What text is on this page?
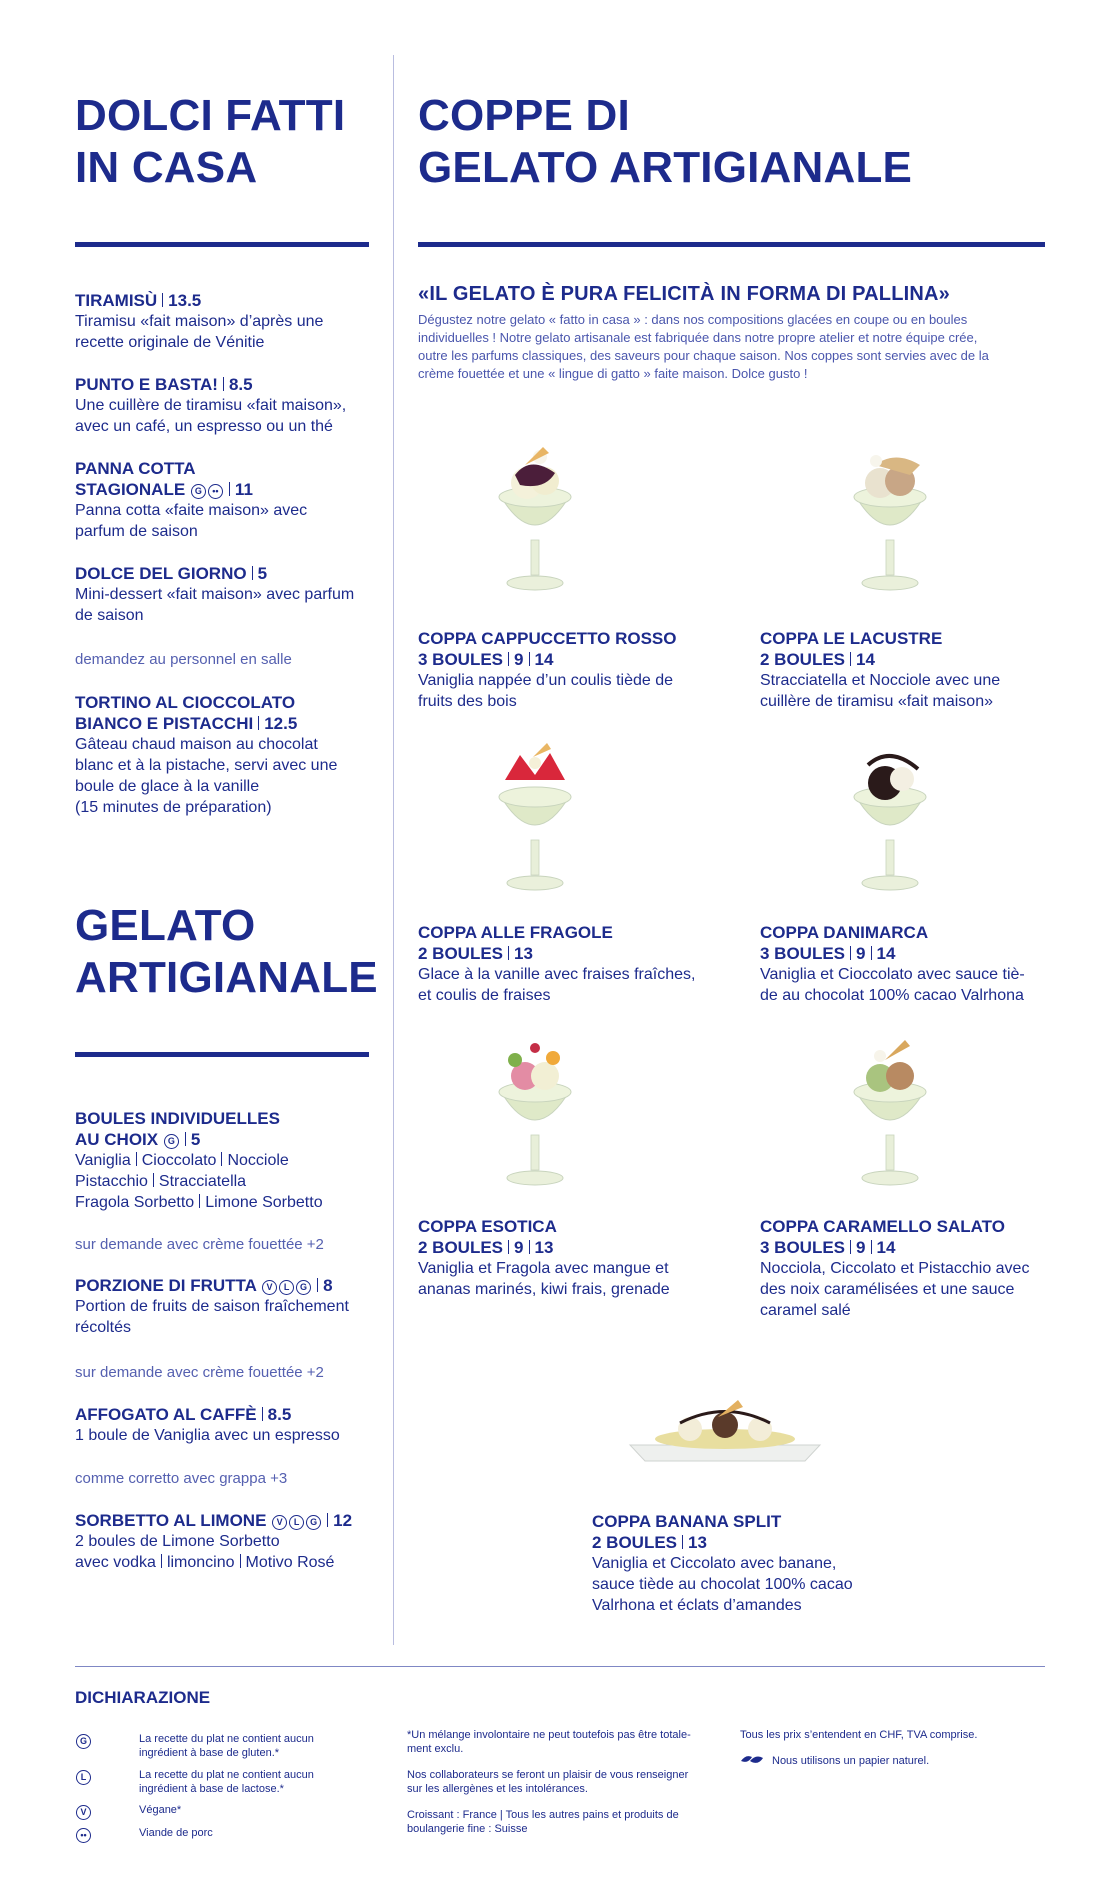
DOLCI FATTI
IN CASA
TIRAMISÙ 13.5
Tiramisu «fait maison» d’après une
recette originale de Vénitie
PUNTO E BASTA! 8.5
Une cuillère de tiramisu «fait maison»,
avec un café, un espresso ou un thé
PANNA COTTA
STAGIONALE G •• 11
Panna cotta «faite maison» avec
parfum de saison
DOLCE DEL GIORNO 5
Mini-dessert «fait maison» avec parfum
de saison
demandez au personnel en salle
TORTINO AL CIOCCOLATO
BIANCO E PISTACCHI 12.5
Gâteau chaud maison au chocolat
blanc et à la pistache, servi avec une
boule de glace à la vanille
(15 minutes de préparation)
GELATO
ARTIGIANALE
BOULES INDIVIDUELLES
AU CHOIX G 5
Vaniglia Cioccolato Nocciole
Pistacchio Stracciatella
Fragola Sorbetto Limone Sorbetto
sur demande avec crème fouettée +2
PORZIONE DI FRUTTA V L G 8
Portion de fruits de saison fraîchement
récoltés
sur demande avec crème fouettée +2
AFFOGATO AL CAFFÈ 8.5
1 boule de Vaniglia avec un espresso
comme corretto avec grappa +3
SORBETTO AL LIMONE V L G 12
2 boules de Limone Sorbetto
avec vodka limoncino Motivo Rosé
COPPE DI
GELATO ARTIGIANALE
«IL GELATO È PURA FELICITÀ IN FORMA DI PALLINA»
Dégustez notre gelato « fatto in casa » : dans nos compositions glacées en coupe ou en boules
individuelles ! Notre gelato artisanale est fabriquée dans notre propre atelier et notre équipe crée,
outre les parfums classiques, des saveurs pour chaque saison. Nos coppes sont servies avec de la
crème fouettée et une « lingue di gatto » faite maison. Dolce gusto !
COPPA CAPPUCCETTO ROSSO
3 BOULES 9 14
Vaniglia nappée d’un coulis tiède de
fruits des bois
COPPA LE LACUSTRE
2 BOULES 14
Stracciatella et Nocciole avec une
cuillère de tiramisu «fait maison»
COPPA ALLE FRAGOLE
2 BOULES 13
Glace à la vanille avec fraises fraîches,
et coulis de fraises
COPPA DANIMARCA
3 BOULES 9 14
Vaniglia et Cioccolato avec sauce tiè-
de au chocolat 100% cacao Valrhona
COPPA ESOTICA
2 BOULES 9 13
Vaniglia et Fragola avec mangue et
ananas marinés, kiwi frais, grenade
COPPA CARAMELLO SALATO
3 BOULES 9 14
Nocciola, Ciccolato et Pistacchio avec
des noix caramélisées et une sauce
caramel salé
COPPA BANANA SPLIT
2 BOULES 13
Vaniglia et Ciccolato avec banane,
sauce tiède au chocolat 100% cacao
Valrhona et éclats d’amandes
DICHIARAZIONE
G	La recette du plat ne contient aucun
ingrédient à base de gluten.*
L	La recette du plat ne contient aucun
ingrédient à base de lactose.*
V	Végane*
••	Viande de porc
*Un mélange involontaire ne peut toutefois pas être totale-
ment exclu.
Nos collaborateurs se feront un plaisir de vous renseigner
sur les allergènes et les intolérances.
Croissant : France | Tous les autres pains et produits de
boulangerie fine : Suisse
Tous les prix s’entendent en CHF, TVA comprise.
Nous utilisons un papier naturel.
